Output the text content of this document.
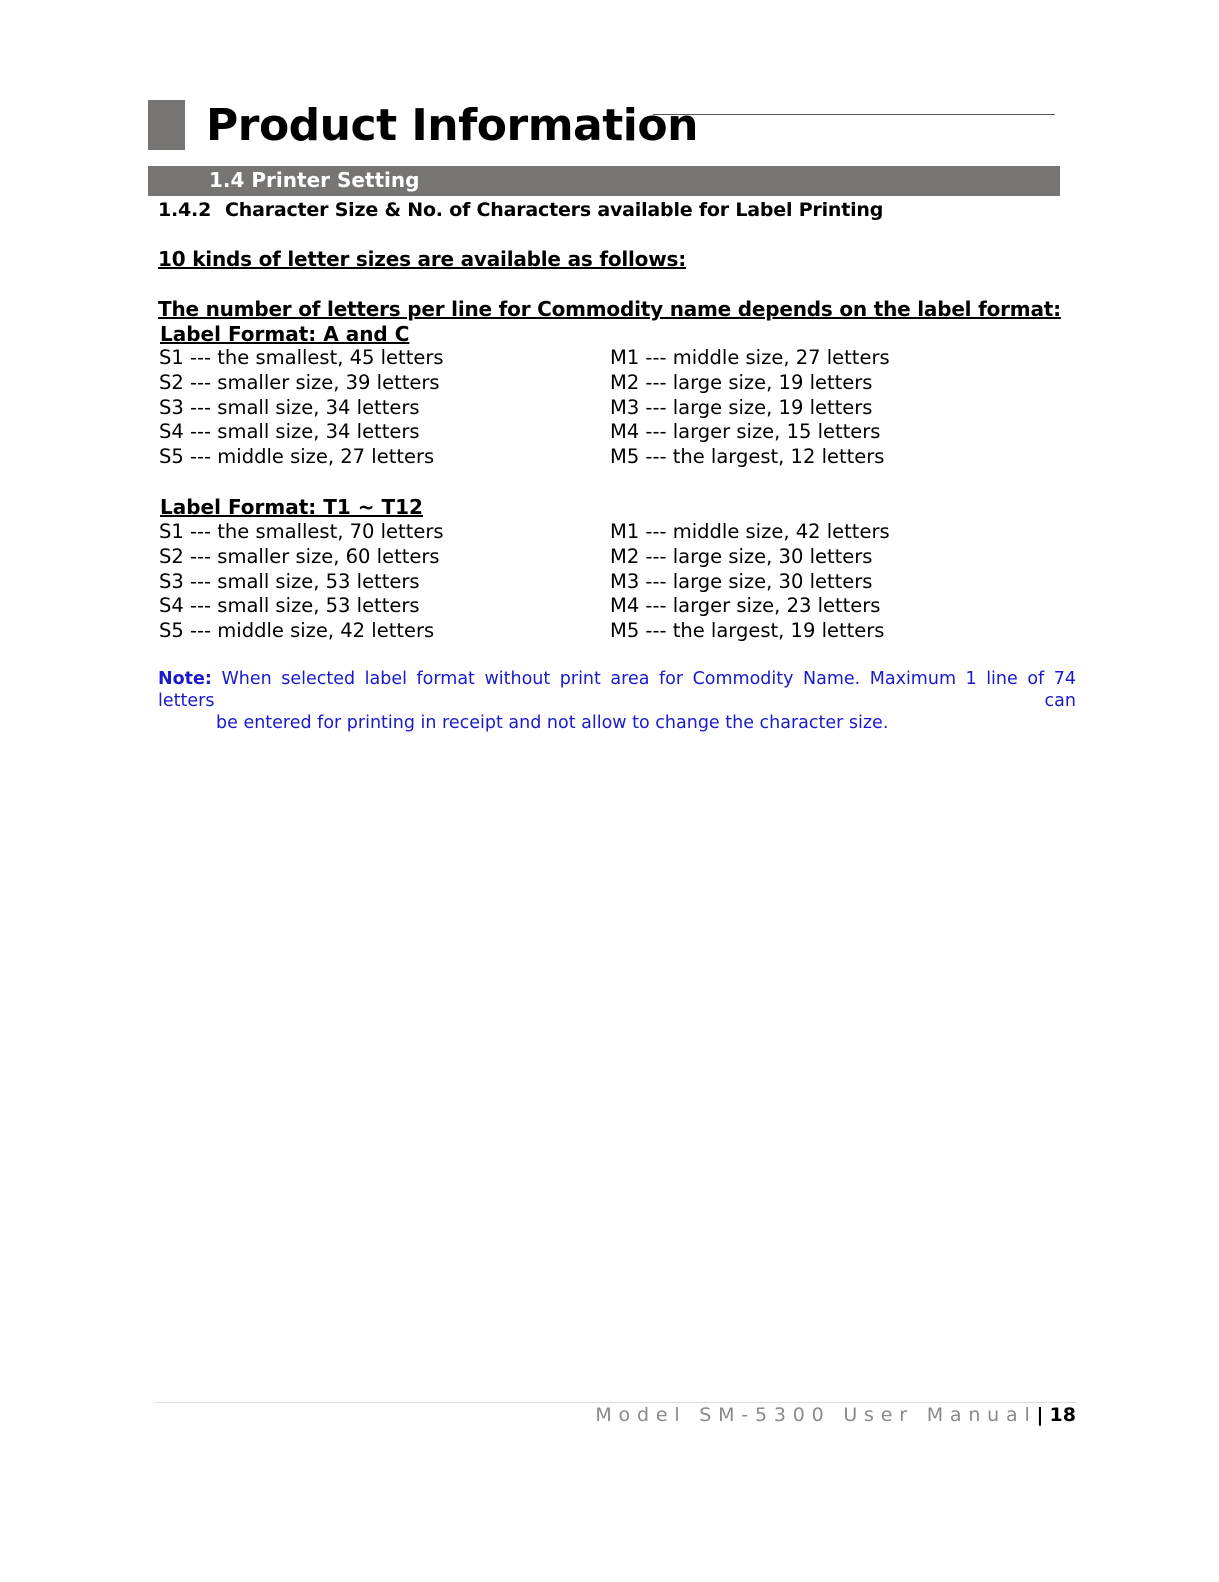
Product Information
1.4 Printer Setting
1.4.2 Character Size & No. of Characters available for Label Printing
10 kinds of letter sizes are available as follows:
The number of letters per line for Commodity name depends on the label format:
Label Format: A and C
S1 --- the smallest, 45 letters
S2 --- smaller size, 39 letters
S3 --- small size, 34 letters
S4 --- small size, 34 letters
S5 --- middle size, 27 letters
M1 --- middle size, 27 letters
M2 --- large size, 19 letters
M3 --- large size, 19 letters
M4 --- larger size, 15 letters
M5 --- the largest, 12 letters
Label Format: T1 ~ T12
S1 --- the smallest, 70 letters
S2 --- smaller size, 60 letters
S3 --- small size, 53 letters
S4 --- small size, 53 letters
S5 --- middle size, 42 letters
M1 --- middle size, 42 letters
M2 --- large size, 30 letters
M3 --- large size, 30 letters
M4 --- larger size, 23 letters
M5 --- the largest, 19 letters

Note: When selected label format without print area for Commodity Name. Maximum 1 line of 74 letters can

be entered for printing in receipt and not allow to change the character size.

Model SM-5300 User Manual| 18
